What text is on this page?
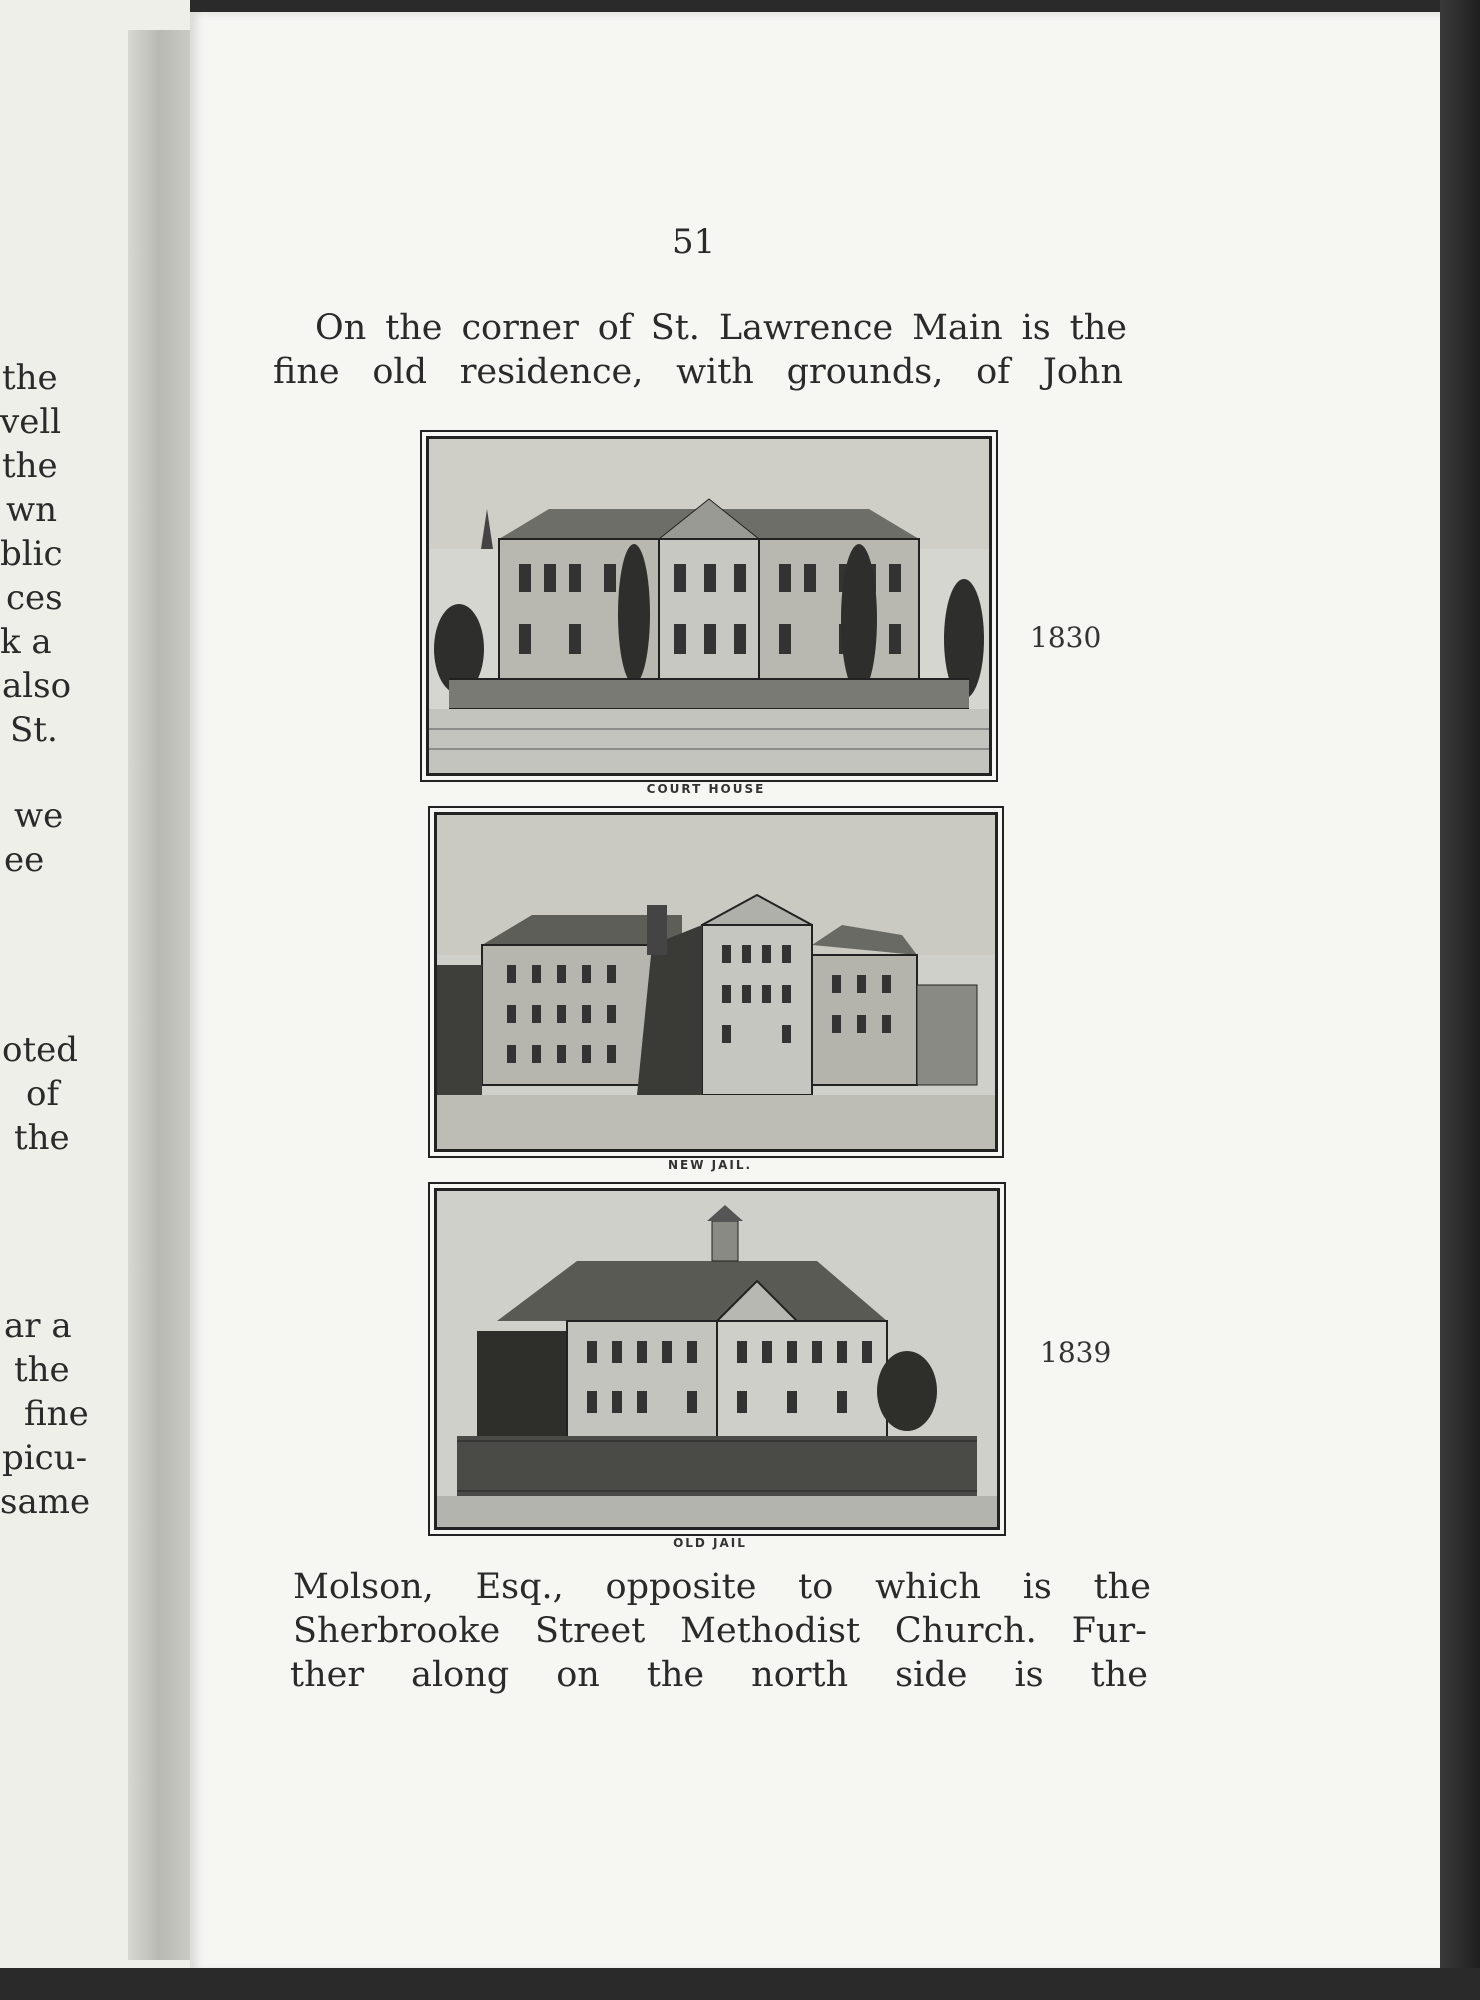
the
vell
the
wn
blic
ces
k a
also
St.
we
ee
oted
of
the
ar a
the
fine
picu-
same
51
On the corner of St. Lawrence Main is the
fine old residence, with grounds, of John
COURT HOUSE
1830
NEW JAIL.
OLD JAIL
1839
Molson, Esq., opposite to which is the
Sherbrooke Street Methodist Church. Fur-
ther along on the north side is the
